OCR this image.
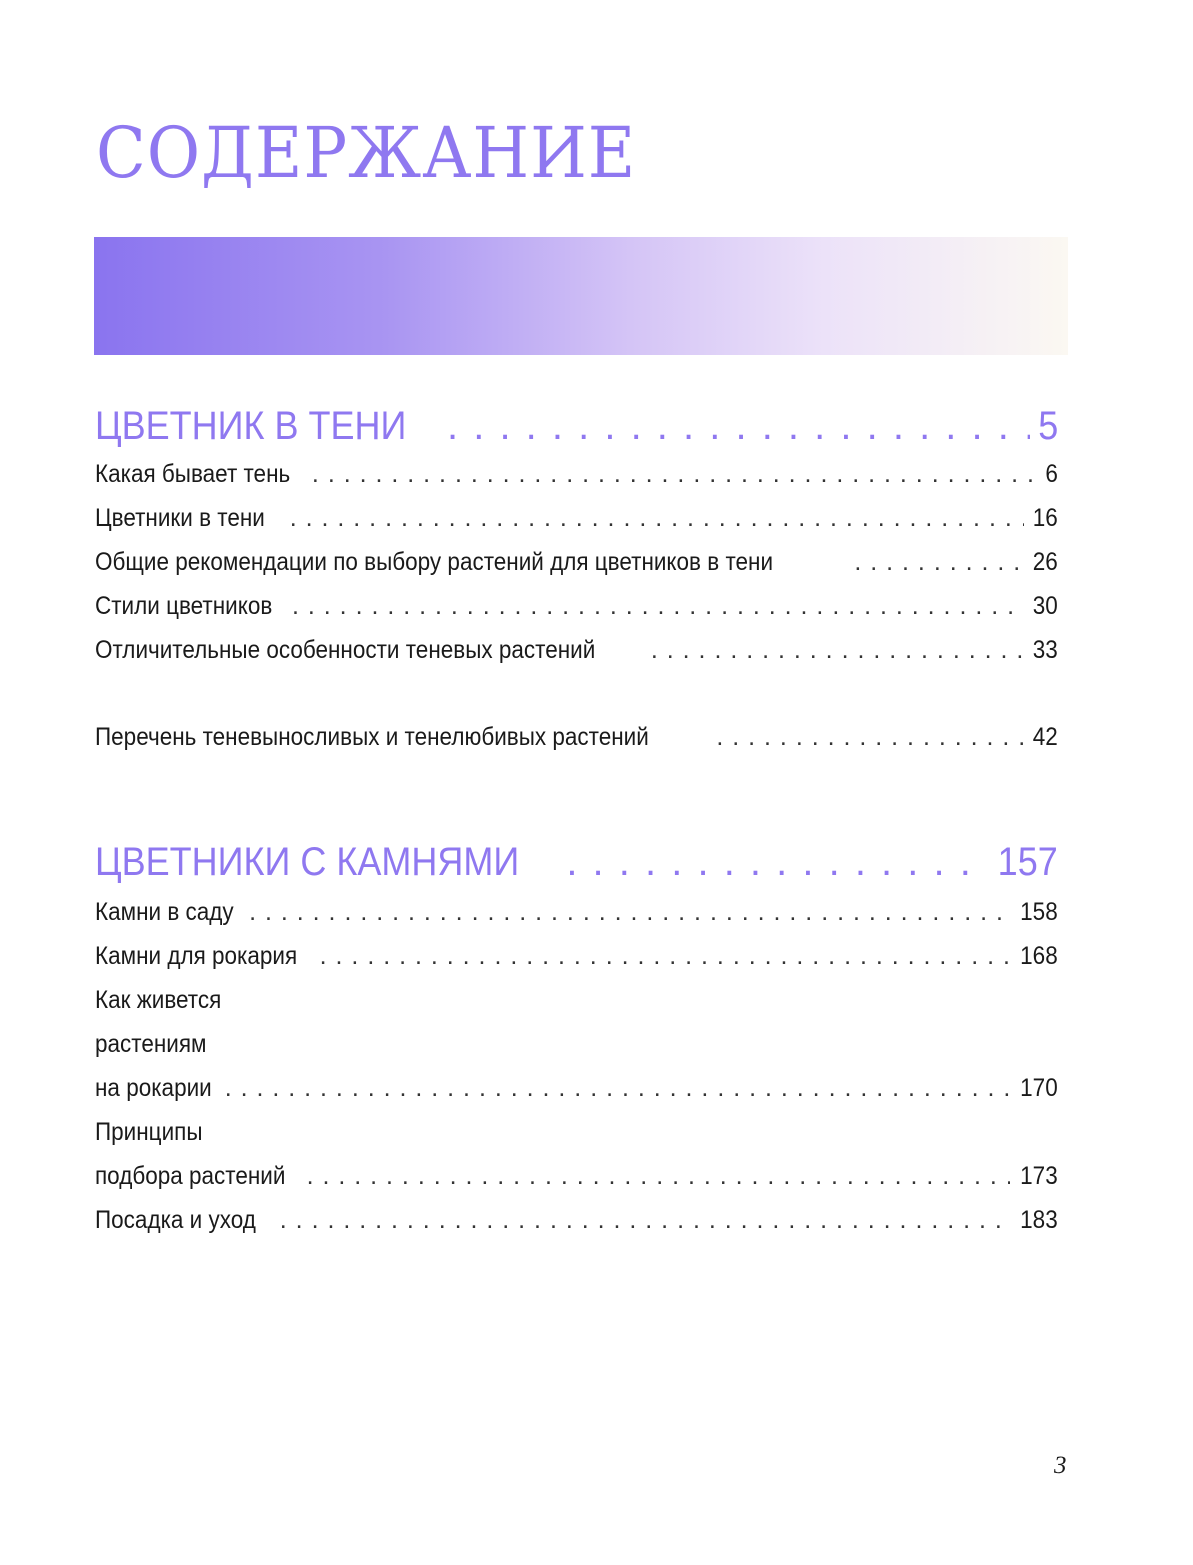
СОДЕРЖАНИЕ
ЦВЕТНИК В ТЕНИ . . .	5
Какая бывает тень . . .	6
Цветники в тени . . .	16
Общие рекомендации по выбору растений для цветников в тени . . .	26
Стили цветников . . .	30
Отличительные особенности теневых растений . . .	33
Перечень теневыносливых и тенелюбивых растений . . .	42
ЦВЕТНИКИ С КАМНЯМИ . . .	157
Камни в саду . . .	158
Камни для рокария . . .	168
Как живется
растениям
на рокарии . . .	170
Принципы
подбора растений . . .	173
Посадка и уход . . .	183
3
